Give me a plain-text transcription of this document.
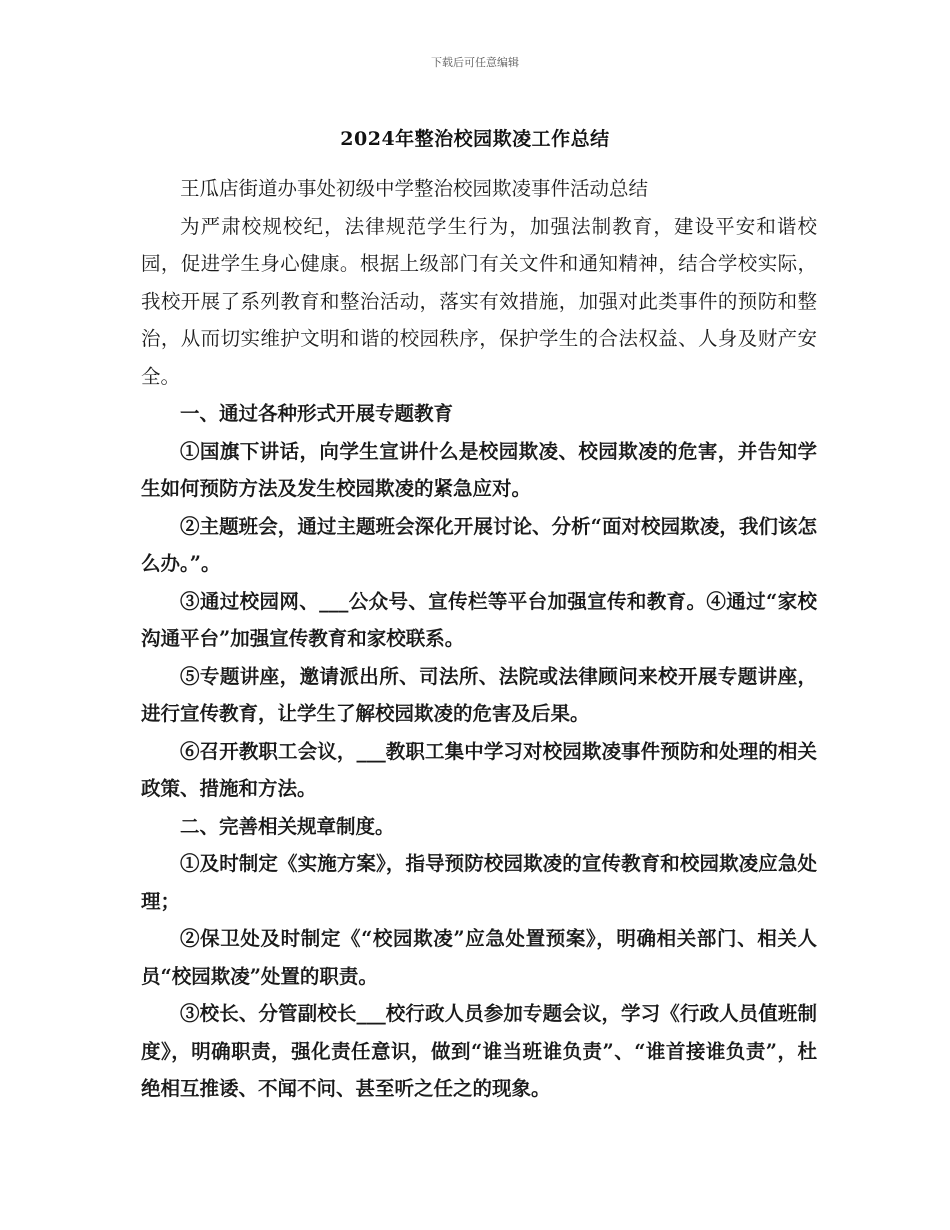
下载后可任意编辑
2024年整治校园欺凌工作总结

王瓜店街道办事处初级中学整治校园欺凌事件活动总结

为严肃校规校纪，法律规范学生行为，加强法制教育，建设平安和谐校园，促进学生身心健康。根据上级部门有关文件和通知精神，结合学校实际，我校开展了系列教育和整治活动，落实有效措施，加强对此类事件的预防和整治，从而切实维护文明和谐的校园秩序，保护学生的合法权益、人身及财产安全。

一、通过各种形式开展专题教育

①国旗下讲话，向学生宣讲什么是校园欺凌、校园欺凌的危害，并告知学生如何预防方法及发生校园欺凌的紧急应对。

②主题班会，通过主题班会深化开展讨论、分析“面对校园欺凌，我们该怎么办。”。

③通过校园网、___公众号、宣传栏等平台加强宣传和教育。④通过“家校沟通平台”加强宣传教育和家校联系。

⑤专题讲座，邀请派出所、司法所、法院或法律顾问来校开展专题讲座，进行宣传教育，让学生了解校园欺凌的危害及后果。

⑥召开教职工会议，___教职工集中学习对校园欺凌事件预防和处理的相关政策、措施和方法。

二、完善相关规章制度。

①及时制定《实施方案》，指导预防校园欺凌的宣传教育和校园欺凌应急处理；

②保卫处及时制定《“校园欺凌”应急处置预案》，明确相关部门、相关人员“校园欺凌”处置的职责。

③校长、分管副校长___校行政人员参加专题会议，学习《行政人员值班制度》，明确职责，强化责任意识，做到“谁当班谁负责”、“谁首接谁负责”，杜绝相互推诿、不闻不问、甚至听之任之的现象。
